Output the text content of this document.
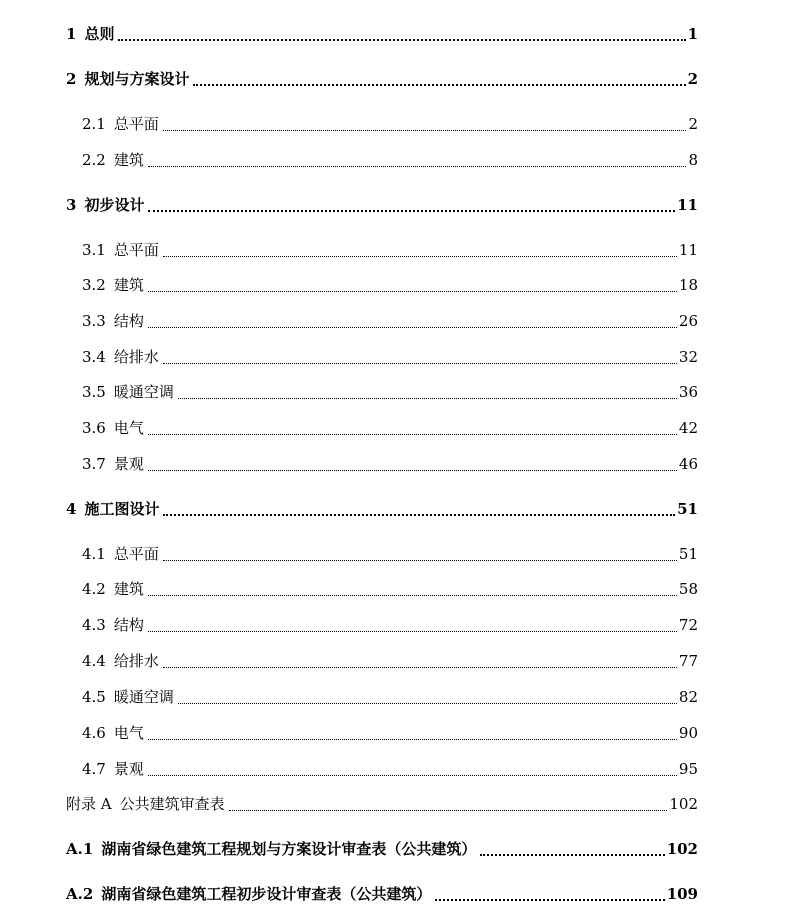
1 总则	1
2 规划与方案设计	2
2.1 总平面	2
2.2 建筑	8
3 初步设计	11
3.1 总平面	11
3.2 建筑	18
3.3 结构	26
3.4 给排水	32
3.5 暖通空调	36
3.6 电气	42
3.7 景观	46
4 施工图设计	51
4.1 总平面	51
4.2 建筑	58
4.3 结构	72
4.4 给排水	77
4.5 暖通空调	82
4.6 电气	90
4.7 景观	95
附录 A 公共建筑审查表	102
A.1 湖南省绿色建筑工程规划与方案设计审查表（公共建筑）	102
A.2 湖南省绿色建筑工程初步设计审查表（公共建筑）	109
